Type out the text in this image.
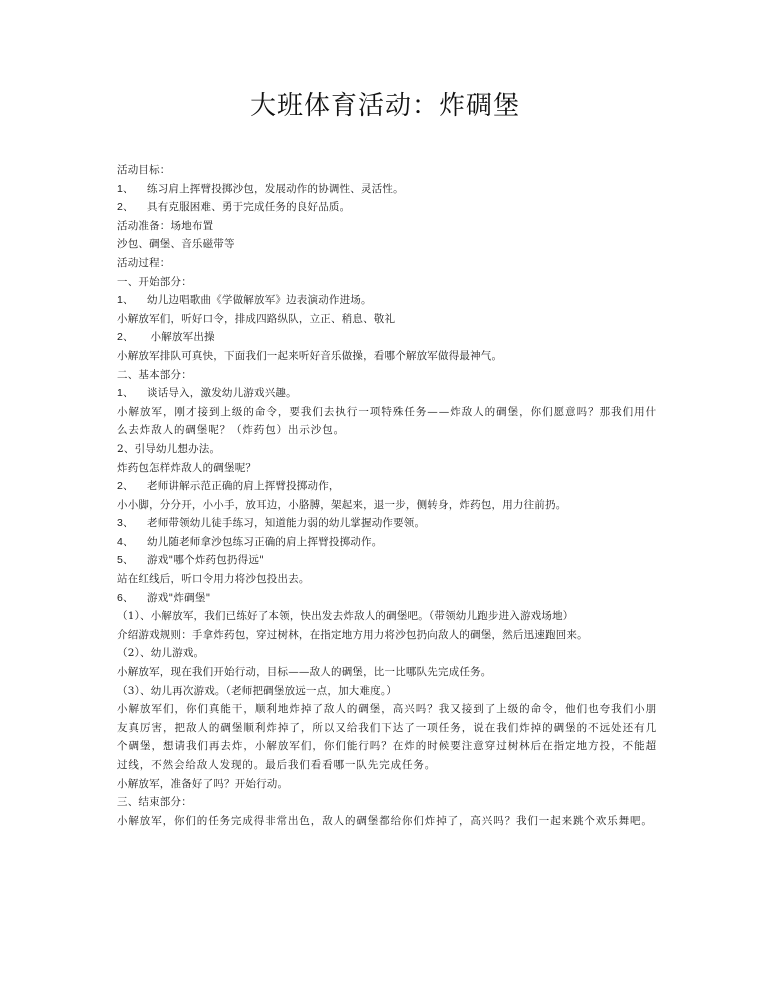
大班体育活动：炸碉堡
活动目标：
1、 练习肩上挥臂投掷沙包，发展动作的协调性、灵活性。
2、 具有克服困难、勇于完成任务的良好品质。
活动准备：场地布置
沙包、碉堡、音乐磁带等
活动过程：
一、开始部分：
1、 幼儿边唱歌曲《学做解放军》边表演动作进场。
小解放军们，听好口令，排成四路纵队，立正、稍息、敬礼
2、 小解放军出操
小解放军排队可真快，下面我们一起来听好音乐做操，看哪个解放军做得最神气。
二、基本部分：
1、 谈话导入，激发幼儿游戏兴趣。
小解放军，刚才接到上级的命令，要我们去执行一项特殊任务——炸敌人的碉堡，你们愿意吗？那我们用什么去炸敌人的碉堡呢？（炸药包）出示沙包。
2、引导幼儿想办法。
炸药包怎样炸敌人的碉堡呢？
2、 老师讲解示范正确的肩上挥臂投掷动作，
小小脚，分分开，小小手，放耳边，小胳膊，架起来，退一步，侧转身，炸药包，用力往前扔。
3、 老师带领幼儿徒手练习，知道能力弱的幼儿掌握动作要领。
4、 幼儿随老师拿沙包练习正确的肩上挥臂投掷动作。
5、 游戏"哪个炸药包扔得远"
站在红线后，听口令用力将沙包投出去。
6、 游戏"炸碉堡"
（1）、小解放军，我们已练好了本领，快出发去炸敌人的碉堡吧。（带领幼儿跑步进入游戏场地）
介绍游戏规则：手拿炸药包，穿过树林，在指定地方用力将沙包扔向敌人的碉堡，然后迅速跑回来。
（2）、幼儿游戏。
小解放军，现在我们开始行动，目标——敌人的碉堡，比一比哪队先完成任务。
（3）、幼儿再次游戏。（老师把碉堡放远一点，加大难度。）
小解放军们，你们真能干，顺利地炸掉了敌人的碉堡，高兴吗？我又接到了上级的命令，他们也夸我们小朋友真厉害，把敌人的碉堡顺利炸掉了，所以又给我们下达了一项任务，说在我们炸掉的碉堡的不远处还有几个碉堡，想请我们再去炸，小解放军们，你们能行吗？在炸的时候要注意穿过树林后在指定地方投，不能超过线，不然会给敌人发现的。最后我们看看哪一队先完成任务。
小解放军，准备好了吗？开始行动。
三、结束部分：
小解放军，你们的任务完成得非常出色，敌人的碉堡都给你们炸掉了，高兴吗？我们一起来跳个欢乐舞吧。
